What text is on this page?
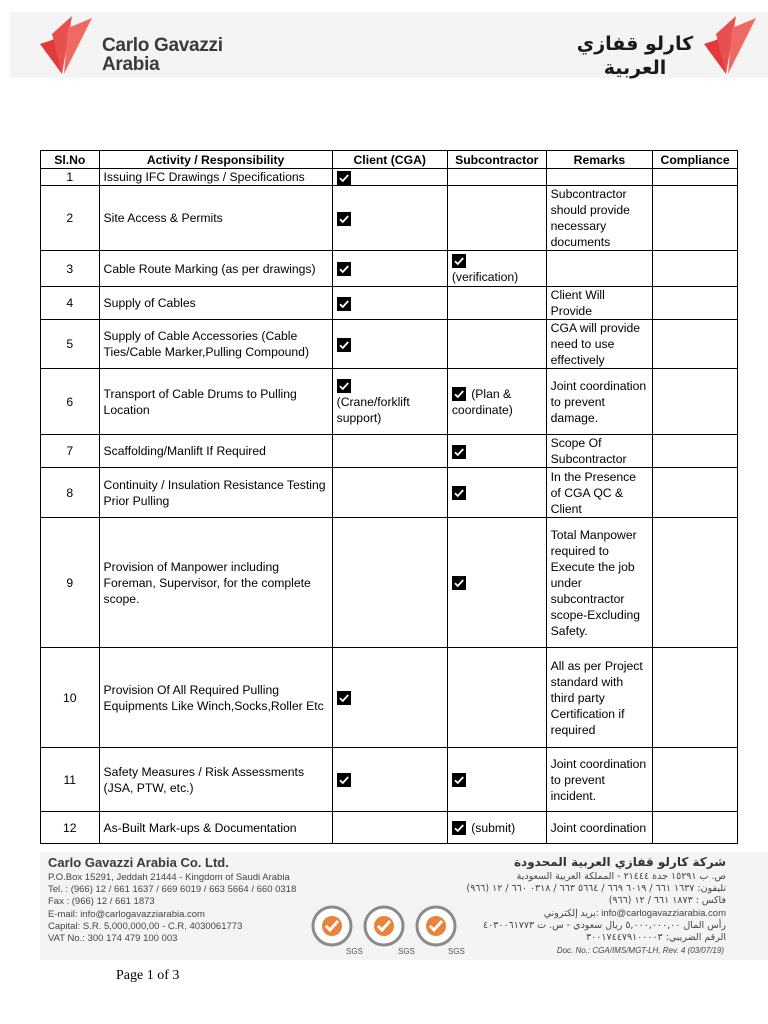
Carlo Gavazzi
Arabia
كارلو قفازي
العربية
Sl.No	Activity / Responsibility	Client (CGA)	Subcontractor	Remarks	Compliance
1	Issuing IFC Drawings / Specifications	

2	Site Access & Permits			Subcontractor should provide necessary documents	
3	Cable Route Marking (as per drawings)		(verification)		
4	Supply of Cables			Client Will Provide	
5	Supply of Cable Accessories (Cable Ties/Cable Marker,Pulling Compound)			CGA will provide need to use effectively	
6	Transport of Cable Drums to Pulling Location	(Crane/forklift support)	(Plan & coordinate)	Joint coordination to prevent damage.	
7	Scaffolding/Manlift If Required			Scope Of Subcontractor	
8	Continuity / Insulation Resistance Testing Prior Pulling			In the Presence of CGA QC & Client	
9	Provision of Manpower including Foreman, Supervisor, for the complete scope.			Total Manpower required to Execute the job under subcontractor scope-Excluding Safety.	
10	Provision Of All Required Pulling Equipments Like Winch,Socks,Roller Etc			All as per Project standard with third party Certification if required	
11	Safety Measures / Risk Assessments (JSA, PTW, etc.)			Joint coordination to prevent incident.	
12	As-Built Mark-ups & Documentation		(submit)	Joint coordination	
Carlo Gavazzi Arabia Co. Ltd.
P.O.Box 15291, Jeddah 21444 - Kingdom of Saudi Arabia
Tel. : (966) 12 / 661 1637 / 669 6019 / 663 5664 / 660 0318
Fax : (966) 12 / 661 1873
E-mail: info@carlogavazziarabia.com
Capital: S.R. 5,000,000,00 - C.R. 4030061773
VAT No.: 300 174 479 100 003
SGS	SGS	SGS
شركة كارلو قفازي العربية المحدودة
ص. ب ١٥٢٩١ جدة ٢١٤٤٤ - المملكة العربية السعودية
تليفون: ١٦٣٧ ٦٦١ / ٦٠١٩ ٦٦٩ / ٥٦٦٤ ٦٦٣ / ٠٣١٨ ٦٦٠ / ١٢ (٩٦٦)
فاكس : ١٨٧٣ ٦٦١ / ١٢ (٩٦٦)
بريد إلكتروني: info@carlogavazziarabia.com
رأس المال ٥,٠٠٠,٠٠٠,٠٠ ريال سعودي - س. ت ٤٠٣٠٠٦١٧٧٣
الرقم الضريبي: ٣٠٠١٧٤٤٧٩١٠٠٠٠٣
Doc. No.: CGA/IMS/MGT-LH, Rev. 4 (03/07/19)
Page 1 of 3
